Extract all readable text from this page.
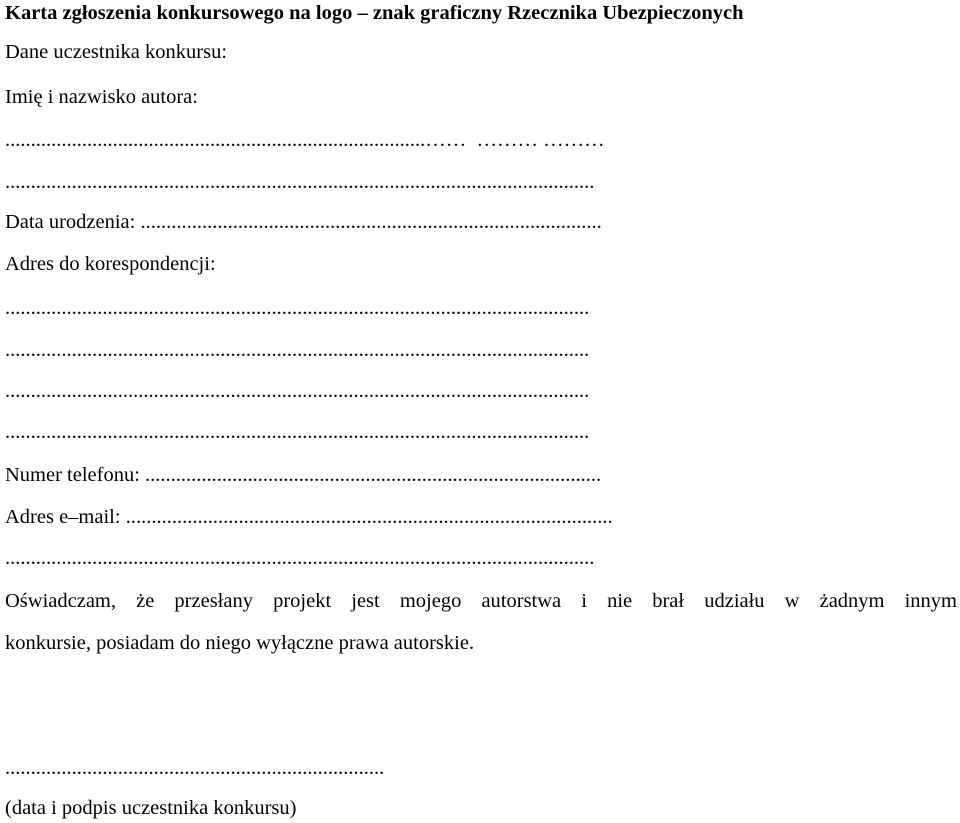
Karta zgłoszenia konkursowego na logo – znak graficzny Rzecznika Ubezpieczonych
Dane uczestnika konkursu:
Imię i nazwisko autora:
..................................................................................……  ……… ………
...................................................................................................................
Data urodzenia: ..........................................................................................
Adres do korespondencji:
..................................................................................................................
..................................................................................................................
..................................................................................................................
..................................................................................................................
Numer telefonu: .........................................................................................
Adres e–mail: ...............................................................................................
...................................................................................................................
Oświadczam, że przesłany projekt jest mojego autorstwa i nie brał udziału w żadnym innym
konkursie, posiadam do niego wyłączne prawa autorskie.
..........................................................................
(data i podpis uczestnika konkursu)
